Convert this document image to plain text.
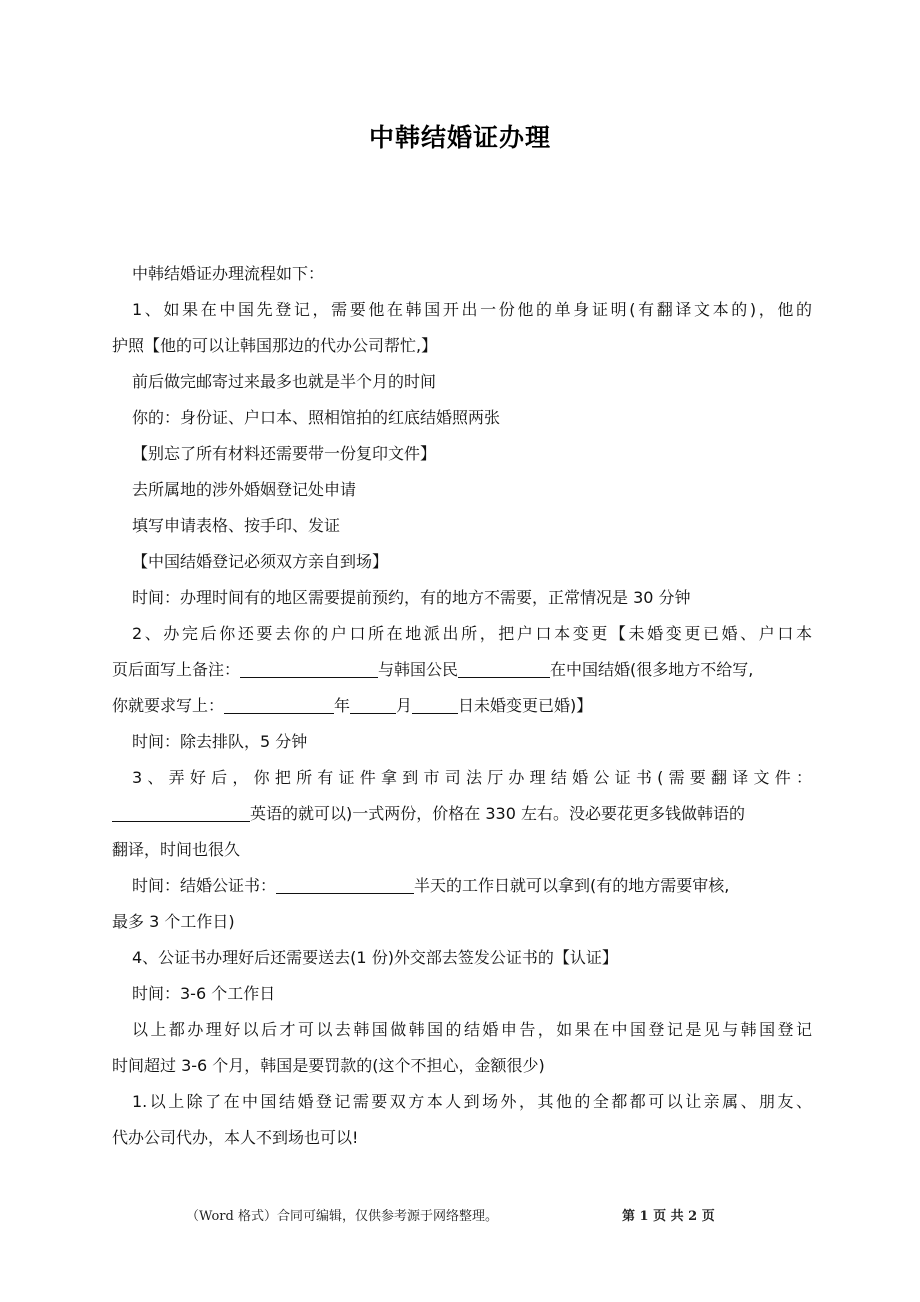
中韩结婚证办理
中韩结婚证办理流程如下：
1、如果在中国先登记，需要他在韩国开出一份他的单身证明(有翻译文本的)，他的
护照【他的可以让韩国那边的代办公司帮忙,】
前后做完邮寄过来最多也就是半个月的时间
你的：身份证、户口本、照相馆拍的红底结婚照两张
【别忘了所有材料还需要带一份复印文件】
去所属地的涉外婚姻登记处申请
填写申请表格、按手印、发证
【中国结婚登记必须双方亲自到场】
时间：办理时间有的地区需要提前预约，有的地方不需要，正常情况是 30 分钟
2、办完后你还要去你的户口所在地派出所，把户口本变更【未婚变更已婚、户口本
页后面写上备注：	与韩国公民	在中国结婚(很多地方不给写,
你就要求写上：	年	月	日未婚变更已婚)】
时间：除去排队，5 分钟
3、弄好后，你把所有证件拿到市司法厅办理结婚公证书(需要翻译文件：
英语的就可以)一式两份，价格在 330 左右。没必要花更多钱做韩语的
翻译，时间也很久
时间：结婚公证书：	半天的工作日就可以拿到(有的地方需要审核,
最多 3 个工作日)
4、公证书办理好后还需要送去(1 份)外交部去签发公证书的【认证】
时间：3-6 个工作日
以上都办理好以后才可以去韩国做韩国的结婚申告，如果在中国登记是见与韩国登记
时间超过 3-6 个月，韩国是要罚款的(这个不担心，金额很少)
1.以上除了在中国结婚登记需要双方本人到场外，其他的全都都可以让亲属、朋友、
代办公司代办，本人不到场也可以!
（Word 格式）合同可编辑，仅供参考源于网络整理。	第 1 页 共 2 页
